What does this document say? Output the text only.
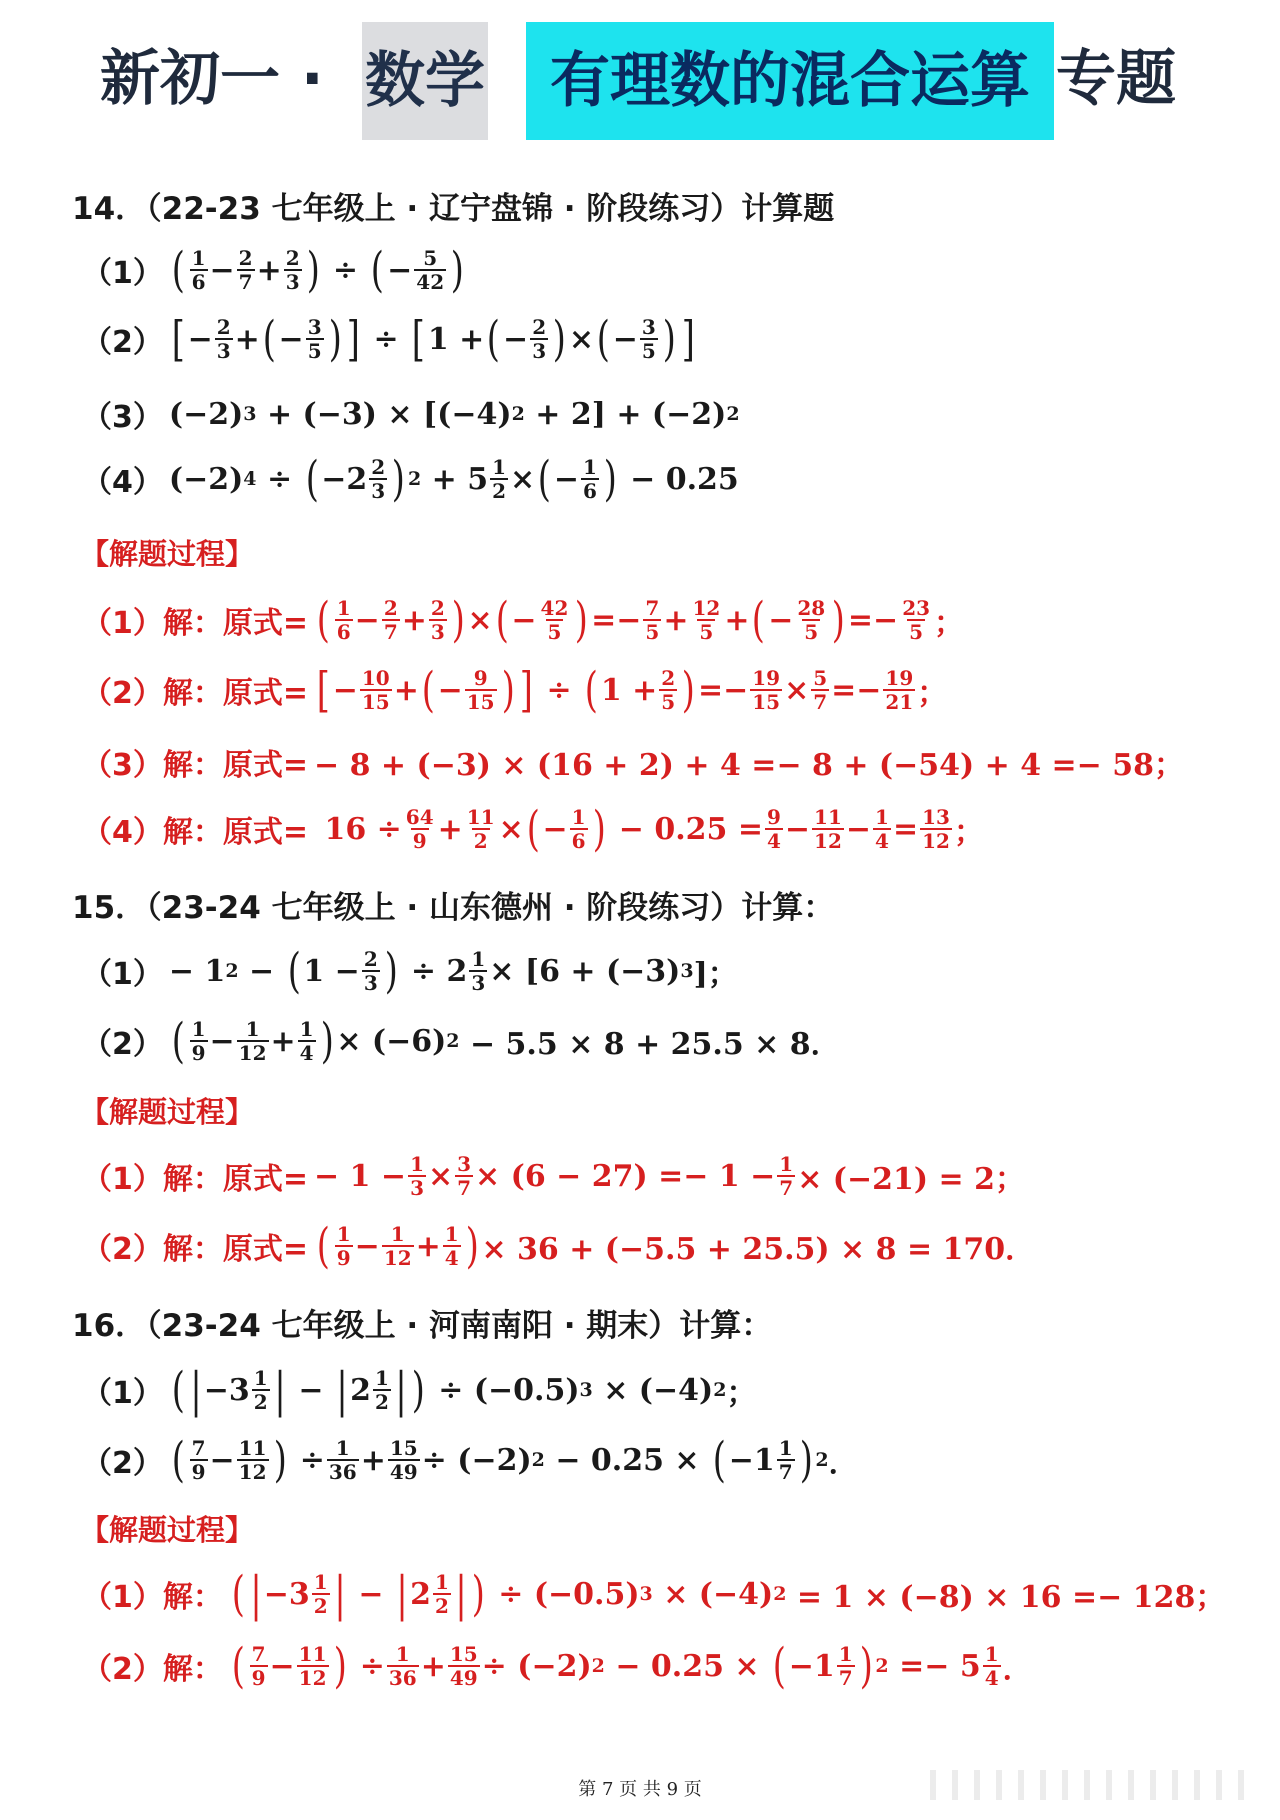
新初一 · 数学	有理数的混合运算 专题
14．（22-23 七年级上 · 辽宁盘锦 · 阶段练习）计算题
（1） ( $\frac{1}{6} - \frac{2}{7} + \frac{2}{3}$ ) ÷ ( − $\frac{5}{42}$ )
（2） [ − $\frac{2}{3}$ + ( − $\frac{3}{5}$ ) ] ÷ [ 1 + ( − $\frac{2}{3}$ ) × ( − $\frac{3}{5}$ ) ]
（3） (−2) 3 + (−3) × [(−4) 2 + 2] + (−2) 2
（4） (−2) 4 ÷ ( $-2 \frac{2}{3}$ ) $2 + 5 \frac{1}{2}$ × ( − $\frac{1}{6}$ ) − 0.25
【解题过程】
（1）解：原式= ( $\frac{1}{6} - \frac{2}{7} + \frac{2}{3}$ ) × ( − $\frac{42}{5}$ ) =− $\frac{7}{5} + \frac{12}{5}$ + ( − $\frac{28}{5}$ ) =− $\frac{23}{5}$ ；
（2）解：原式= [ − $\frac{10}{15}$ + ( − $\frac{9}{15}$ ) ] ÷ ( $1 + \frac{2}{5}$ ) =− $\frac{19}{15} \times \frac{5}{7} =- \frac{19}{21}$ ；
（3）解：原式= − 8 + (−3) × (16 + 2) + 4 =− 8 + (−54) + 4 =− 58；
（4）解：原式= $16 \div \frac{64}{9} + \frac{11}{2}$ × ( − $\frac{1}{6}$ ) − $0.25 = \frac{9}{4} - \frac{11}{12} - \frac{1}{4} = \frac{13}{12}$ ；
15．（23-24 七年级上 · 山东德州 · 阶段练习）计算：
（1） − 1 2 − ( $1 - \frac{2}{3}$ ) ÷ $2 \frac{1}{3} \times [6 + (-3)$ 3 ]；
（2） ( $\frac{1}{9} - \frac{1}{12} + \frac{1}{4}$ ) × (−6) 2 − 5.5 × 8 + 25.5 × 8．
【解题过程】
（1）解：原式= − $1 - \frac{1}{3} \times \frac{3}{7} \times (6 - 27) =- 1 - \frac{1}{7} \times (-21) = 2$；
（2）解：原式= ( $\frac{1}{9} - \frac{1}{12} + \frac{1}{4}$ ) × 36 + (−5.5 + 25.5) × 8 = 170．
16．（23-24 七年级上 · 河南南阳 · 期末）计算：
（1） ( | $-3 \frac{1}{2}$ | − | $2 \frac{1}{2}$ | ) ÷ (−0.5) 3 × (−4) 2 ；
（2） ( $\frac{7}{9} - \frac{11}{12}$ ) ÷ $\frac{1}{36} + \frac{15}{49} \div (-2) 2 - 0.25$ × ( $-1 \frac{1}{7}$ ) 2 ．
【解题过程】
（1）解： ( | $-3 \frac{1}{2}$ | − | $2 \frac{1}{2}$ | ) ÷ (−0.5) 3 × (−4) 2 = 1 × (−8) × 16 =− 128；
（2）解： ( $\frac{7}{9} - \frac{11}{12}$ ) ÷ $\frac{1}{36} + \frac{15}{49} \div (-2) 2 - 0.25$ × ( $-1 \frac{1}{7}$ ) $2 =- 5 \frac{1}{4}$ ．
第 7 页 共 9 页
